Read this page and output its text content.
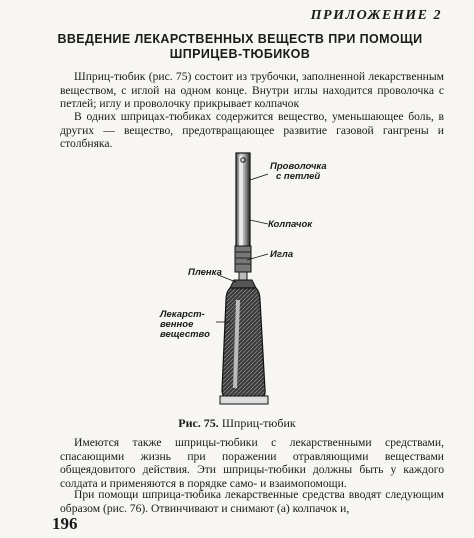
ПРИЛОЖЕНИЕ 2
ВВЕДЕНИЕ ЛЕКАРСТВЕННЫХ ВЕЩЕСТВ ПРИ ПОМОЩИ
ШПРИЦЕВ-ТЮБИКОВ
Шприц-тюбик (рис. 75) состоит из трубочки, заполненной лекарственным веществом, с иглой на одном конце. Внутри иглы находится проволочка с петлей; иглу и проволочку прикрывает колпачок
В одних шприцах-тюбиках содержится вещество, уменьшающее боль, в других — вещество, предотвращающее развитие газовой гангрены и столбняка.
Проволочка
с петлей
Колпачок
Игла
Пленка
Лекарст-
венное
вещество
Рис. 75. Шприц-тюбик
Имеются также шприцы-тюбики с лекарственными средствами, спасающими жизнь при поражении отравляющими веществами общеядовитого действия. Эти шприцы-тюбики должны быть у каждого солдата и применяются в порядке само- и взаимопомощи.
При помощи шприца-тюбика лекарственные средства вводят следующим образом (рис. 76). Отвинчивают и снимают (а) колпачок и,
196
